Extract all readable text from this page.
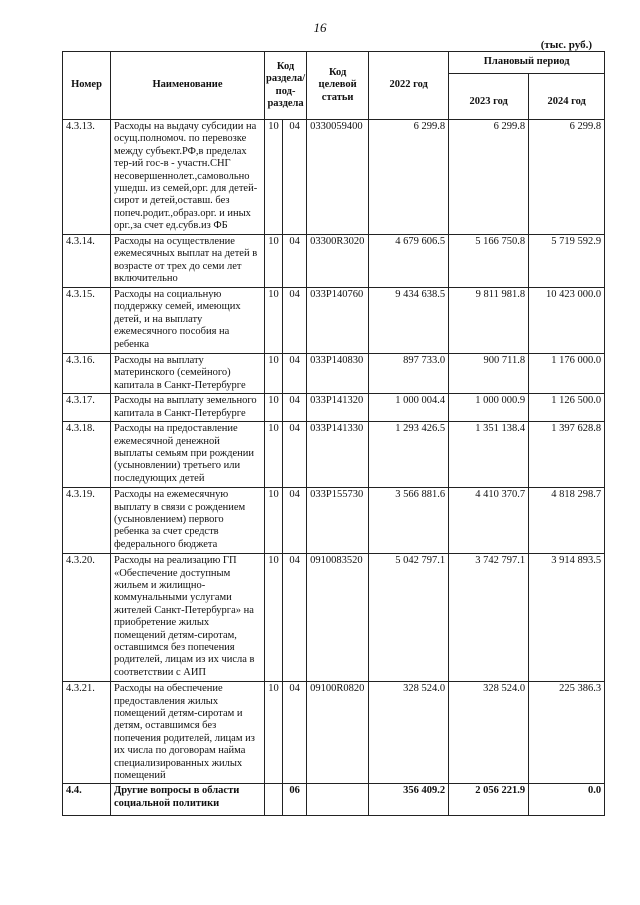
16
(тыс. руб.)
Номер	Наименование	Код раздела/ под- раздела		Код целевой статьи	2022 год	Плановый период	
						2023 год	2024 год
4.3.13.	Расходы на выдачу субсидии на осущ.полномоч. по перевозке между субъект.РФ,в пределах тер-ий гос-в - участн.СНГ несовершеннолет.,самовольно ушедш. из семей,орг. для детей-сирот и детей,оставш. без попеч.родит.,образ.орг. и иных орг.,за счет ед.субв.из ФБ	10	04	0330059400	6 299.8	6 299.8	6 299.8
4.3.14.	Расходы на осуществление ежемесячных выплат на детей в возрасте от трех до семи лет включительно	10	04	03300R3020	4 679 606.5	5 166 750.8	5 719 592.9
4.3.15.	Расходы на социальную поддержку семей, имеющих детей, и на выплату ежемесячного пособия на ребенка	10	04	033P140760	9 434 638.5	9 811 981.8	10 423 000.0
4.3.16.	Расходы на выплату материнского (семейного) капитала в Санкт-Петербурге	10	04	033P140830	897 733.0	900 711.8	1 176 000.0
4.3.17.	Расходы на выплату земельного капитала в Санкт-Петербурге	10	04	033P141320	1 000 004.4	1 000 000.9	1 126 500.0
4.3.18.	Расходы на предоставление ежемесячной денежной выплаты семьям при рождении (усыновлении) третьего или последующих детей	10	04	033P141330	1 293 426.5	1 351 138.4	1 397 628.8
4.3.19.	Расходы на ежемесячную выплату в связи с рождением (усыновлением) первого ребенка за счет средств федерального бюджета	10	04	033P155730	3 566 881.6	4 410 370.7	4 818 298.7
4.3.20.	Расходы на реализацию ГП «Обеспечение доступным жильем и жилищно-коммунальными услугами жителей Санкт-Петербурга» на приобретение жилых помещений детям-сиротам, оставшимся без попечения родителей, лицам из их числа в соответствии с АИП	10	04	0910083520	5 042 797.1	3 742 797.1	3 914 893.5
4.3.21.	Расходы на обеспечение предоставления жилых помещений детям-сиротам и детям, оставшимся без попечения родителей, лицам из их числа по договорам найма специализированных жилых помещений	10	04	09100R0820	328 524.0	328 524.0	225 386.3
4.4.	Другие вопросы в области социальной политики		06		356 409.2	2 056 221.9	0.0
